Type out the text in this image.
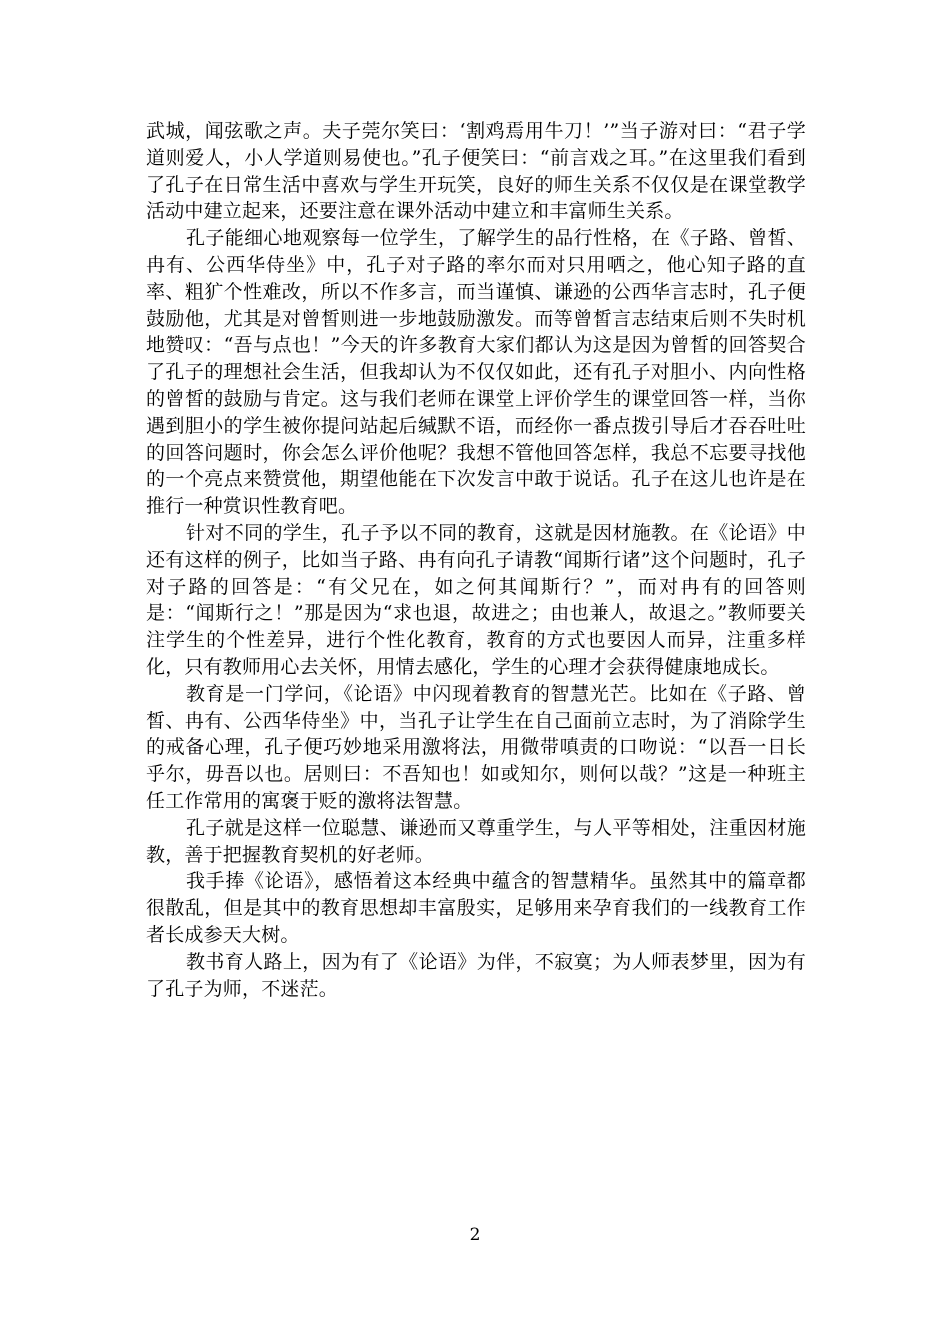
武城，闻弦歌之声。夫子莞尔笑曰：‘割鸡焉用牛刀！’”当子游对曰：“君子学道则爱人，小人学道则易使也。”孔子便笑曰：“前言戏之耳。”在这里我们看到了孔子在日常生活中喜欢与学生开玩笑，良好的师生关系不仅仅是在课堂教学活动中建立起来，还要注意在课外活动中建立和丰富师生关系。

孔子能细心地观察每一位学生，了解学生的品行性格，在《子路、曾皙、冉有、公西华侍坐》中，孔子对子路的率尔而对只用哂之，他心知子路的直率、粗犷个性难改，所以不作多言，而当谨慎、谦逊的公西华言志时，孔子便鼓励他，尤其是对曾皙则进一步地鼓励激发。而等曾皙言志结束后则不失时机地赞叹：“吾与点也！”今天的许多教育大家们都认为这是因为曾皙的回答契合了孔子的理想社会生活，但我却认为不仅仅如此，还有孔子对胆小、内向性格的曾皙的鼓励与肯定。这与我们老师在课堂上评价学生的课堂回答一样，当你遇到胆小的学生被你提问站起后缄默不语，而经你一番点拨引导后才吞吞吐吐的回答问题时，你会怎么评价他呢？我想不管他回答怎样，我总不忘要寻找他的一个亮点来赞赏他，期望他能在下次发言中敢于说话。孔子在这儿也许是在推行一种赏识性教育吧。

针对不同的学生，孔子予以不同的教育，这就是因材施教。在《论语》中还有这样的例子，比如当子路、冉有向孔子请教“闻斯行诸”这个问题时，孔子对子路的回答是：“有父兄在，如之何其闻斯行？”，而对冉有的回答则是：“闻斯行之！”那是因为“求也退，故进之；由也兼人，故退之。”教师要关注学生的个性差异，进行个性化教育，教育的方式也要因人而异，注重多样化，只有教师用心去关怀，用情去感化，学生的心理才会获得健康地成长。

教育是一门学问，《论语》中闪现着教育的智慧光芒。比如在《子路、曾皙、冉有、公西华侍坐》中，当孔子让学生在自己面前立志时，为了消除学生的戒备心理，孔子便巧妙地采用激将法，用微带嗔责的口吻说：“以吾一日长乎尔，毋吾以也。居则曰：不吾知也！如或知尔，则何以哉？”这是一种班主任工作常用的寓褒于贬的激将法智慧。

孔子就是这样一位聪慧、谦逊而又尊重学生，与人平等相处，注重因材施教，善于把握教育契机的好老师。

我手捧《论语》，感悟着这本经典中蕴含的智慧精华。虽然其中的篇章都很散乱，但是其中的教育思想却丰富殷实，足够用来孕育我们的一线教育工作者长成参天大树。

教书育人路上，因为有了《论语》为伴，不寂寞；为人师表梦里，因为有了孔子为师，不迷茫。

2
